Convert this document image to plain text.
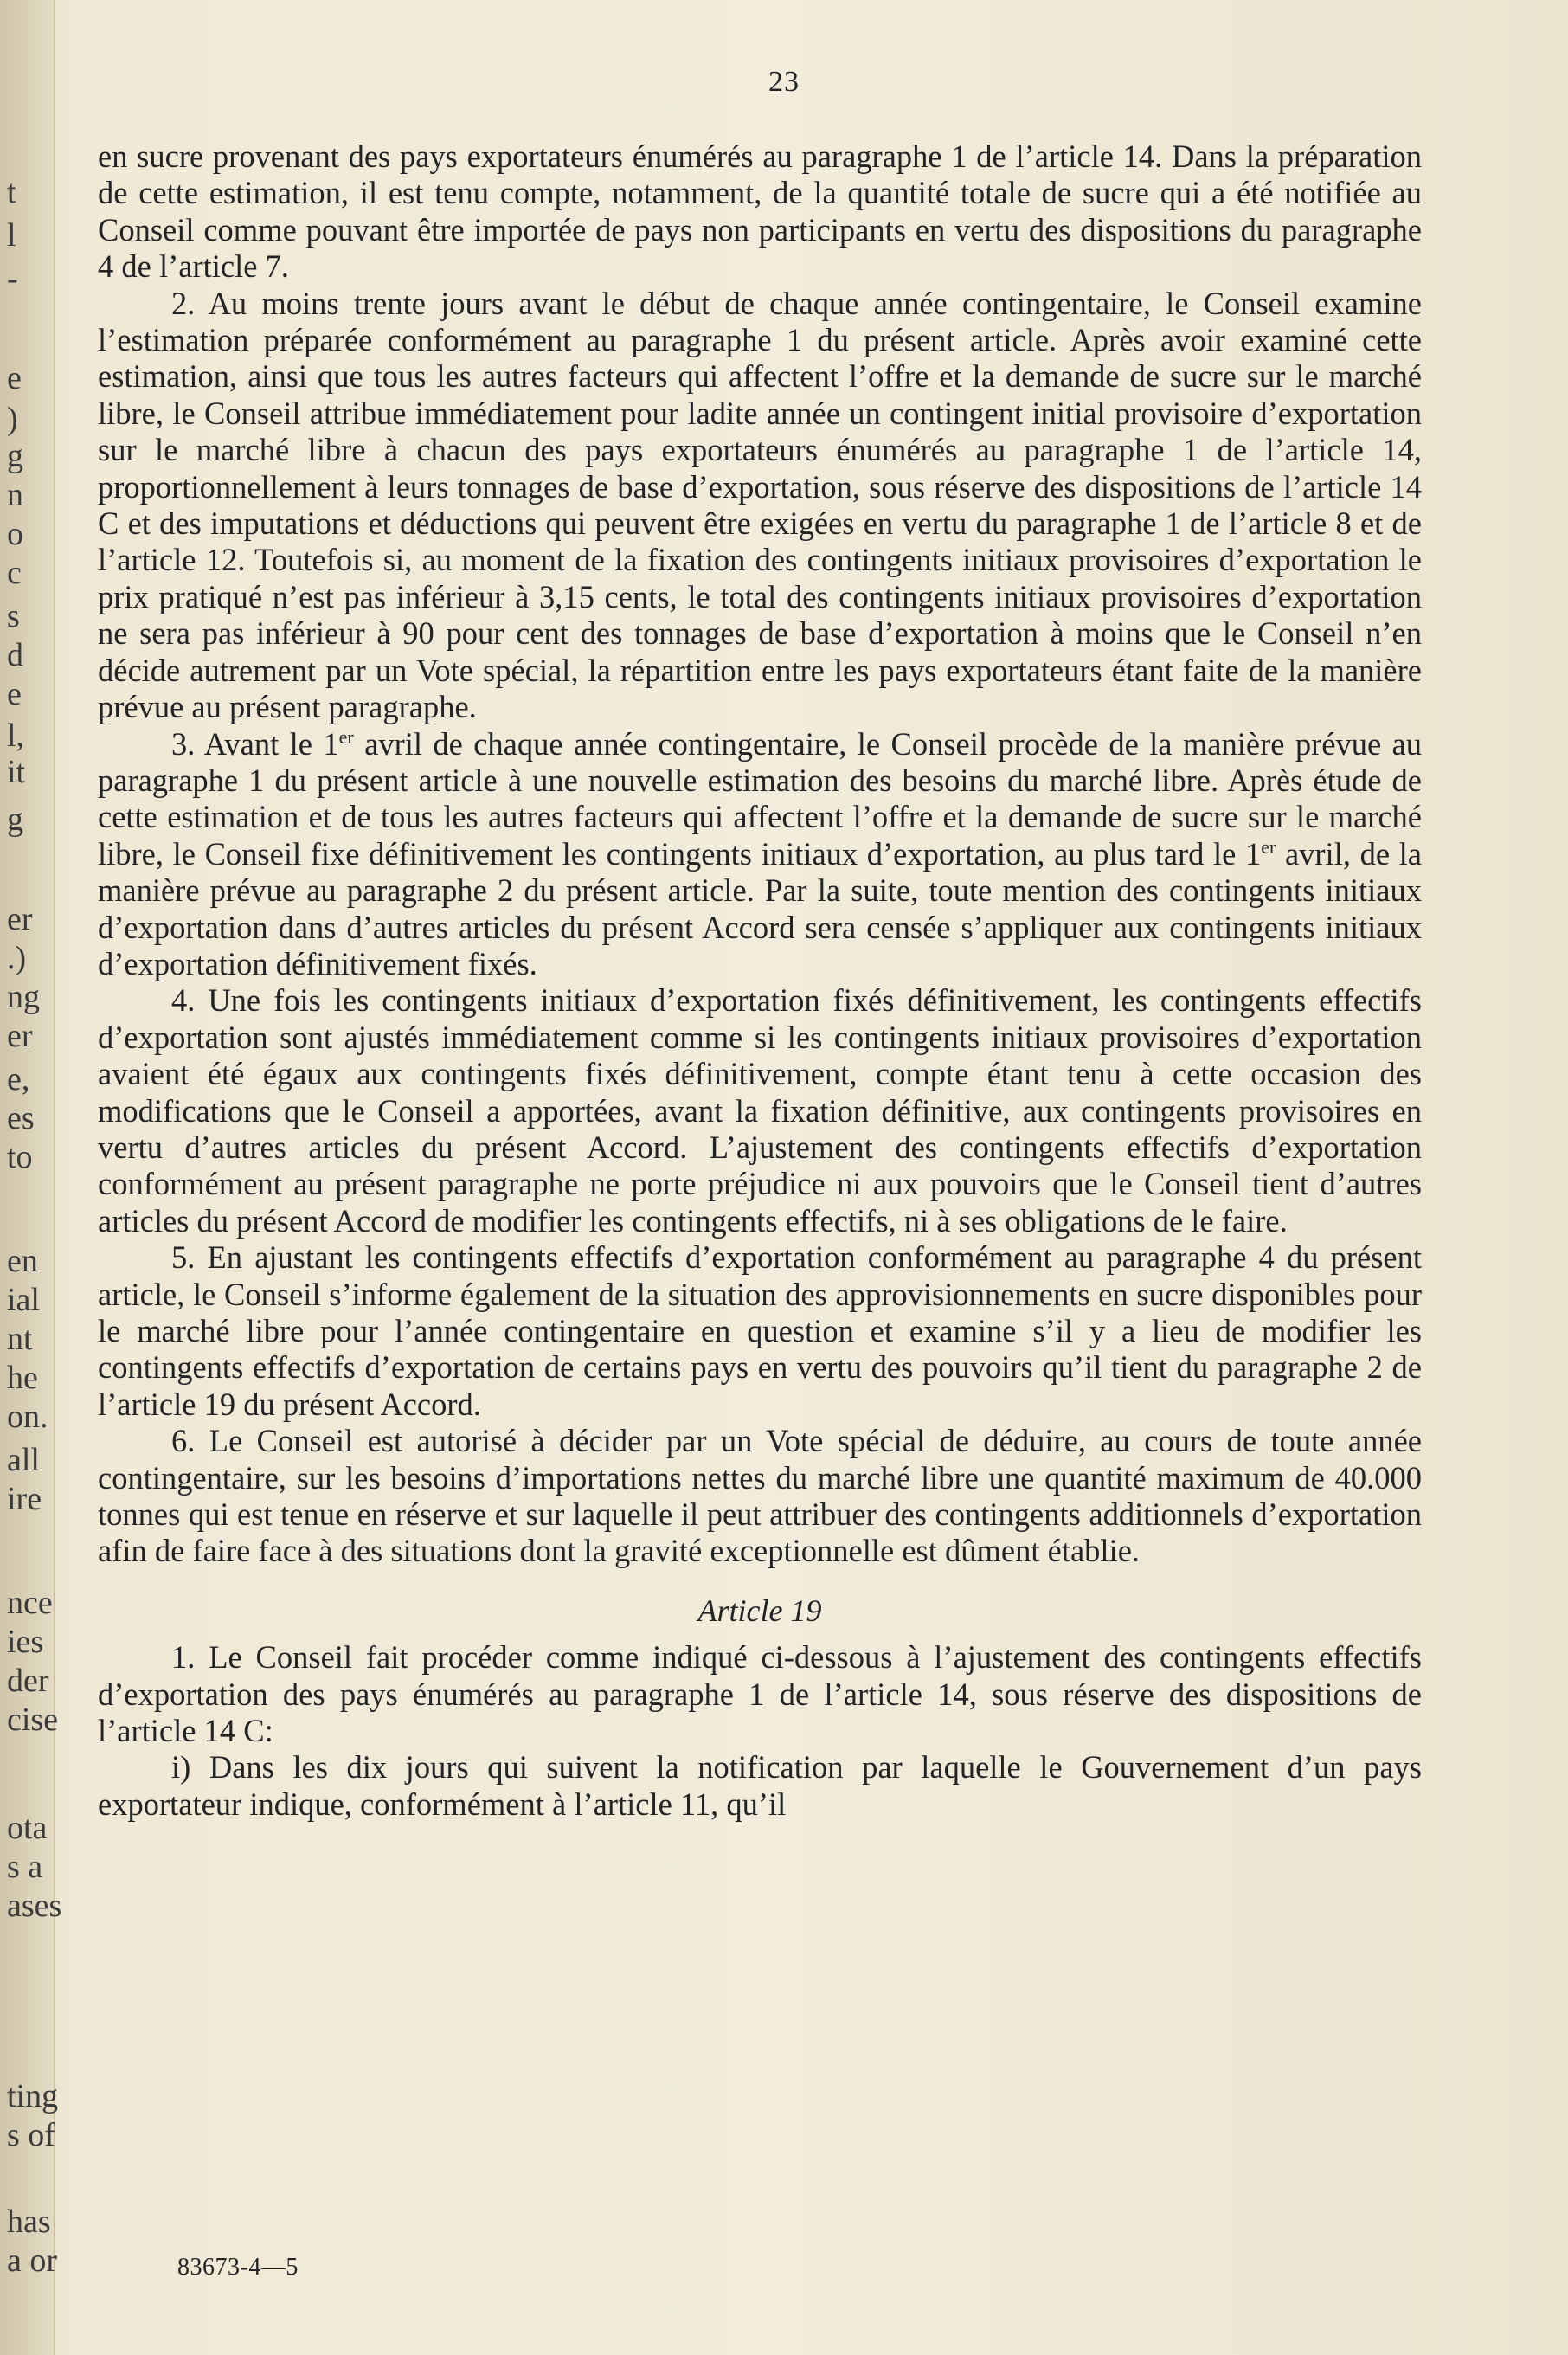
t
l
-
e
)
g
n
o
c
s
d
e
l,
it
g
er
.)
ng
er
e,
es
to
en
ial
nt
he
on.
all
ire
nce
ies
der
cise
ota
s a
ases
ting
s of
has
a or
23

en sucre provenant des pays exportateurs énumérés au paragraphe 1 de l’article 14. Dans la préparation de cette estimation, il est tenu compte, notamment, de la quantité totale de sucre qui a été notifiée au Conseil comme pouvant être importée de pays non participants en vertu des dispositions du paragraphe 4 de l’article 7.

2. Au moins trente jours avant le début de chaque année contingentaire, le Conseil examine l’estimation préparée conformément au paragraphe 1 du présent article. Après avoir examiné cette estimation, ainsi que tous les autres facteurs qui affectent l’offre et la demande de sucre sur le marché libre, le Conseil attribue immédiatement pour ladite année un contingent initial provisoire d’exportation sur le marché libre à chacun des pays exportateurs énumérés au paragraphe 1 de l’article 14, proportionnellement à leurs tonnages de base d’exportation, sous réserve des dispositions de l’article 14 C et des imputations et déductions qui peuvent être exigées en vertu du paragraphe 1 de l’article 8 et de l’article 12. Toutefois si, au moment de la fixation des contingents initiaux provisoires d’exportation le prix pratiqué n’est pas inférieur à 3,15 cents, le total des contingents initiaux provisoires d’exportation ne sera pas inférieur à 90 pour cent des tonnages de base d’exportation à moins que le Conseil n’en décide autrement par un Vote spécial, la répartition entre les pays exportateurs étant faite de la manière prévue au présent paragraphe.

3. Avant le 1er avril de chaque année contingentaire, le Conseil procède de la manière prévue au paragraphe 1 du présent article à une nouvelle estimation des besoins du marché libre. Après étude de cette estimation et de tous les autres facteurs qui affectent l’offre et la demande de sucre sur le marché libre, le Conseil fixe définitivement les contingents initiaux d’exportation, au plus tard le 1er avril, de la manière prévue au paragraphe 2 du présent article. Par la suite, toute mention des contingents initiaux d’exportation dans d’autres articles du présent Accord sera censée s’appliquer aux contingents initiaux d’exportation définitivement fixés.

4. Une fois les contingents initiaux d’exportation fixés définitivement, les contingents effectifs d’exportation sont ajustés immédiatement comme si les contingents initiaux provisoires d’exportation avaient été égaux aux contingents fixés définitivement, compte étant tenu à cette occasion des modifications que le Conseil a apportées, avant la fixation définitive, aux contingents provisoires en vertu d’autres articles du présent Accord. L’ajustement des contingents effectifs d’exportation conformément au présent paragraphe ne porte préjudice ni aux pouvoirs que le Conseil tient d’autres articles du présent Accord de modifier les contingents effectifs, ni à ses obligations de le faire.

5. En ajustant les contingents effectifs d’exportation conformément au paragraphe 4 du présent article, le Conseil s’informe également de la situation des approvisionnements en sucre disponibles pour le marché libre pour l’année contingentaire en question et examine s’il y a lieu de modifier les contingents effectifs d’exportation de certains pays en vertu des pouvoirs qu’il tient du paragraphe 2 de l’article 19 du présent Accord.

6. Le Conseil est autorisé à décider par un Vote spécial de déduire, au cours de toute année contingentaire, sur les besoins d’importations nettes du marché libre une quantité maximum de 40.000 tonnes qui est tenue en réserve et sur laquelle il peut attribuer des contingents additionnels d’exportation afin de faire face à des situations dont la gravité exceptionnelle est dûment établie.

Article 19

1. Le Conseil fait procéder comme indiqué ci-dessous à l’ajustement des contingents effectifs d’exportation des pays énumérés au paragraphe 1 de l’article 14, sous réserve des dispositions de l’article 14 C:

i) Dans les dix jours qui suivent la notification par laquelle le Gouvernement d’un pays exportateur indique, conformément à l’article 11, qu’il

83673-4—5
